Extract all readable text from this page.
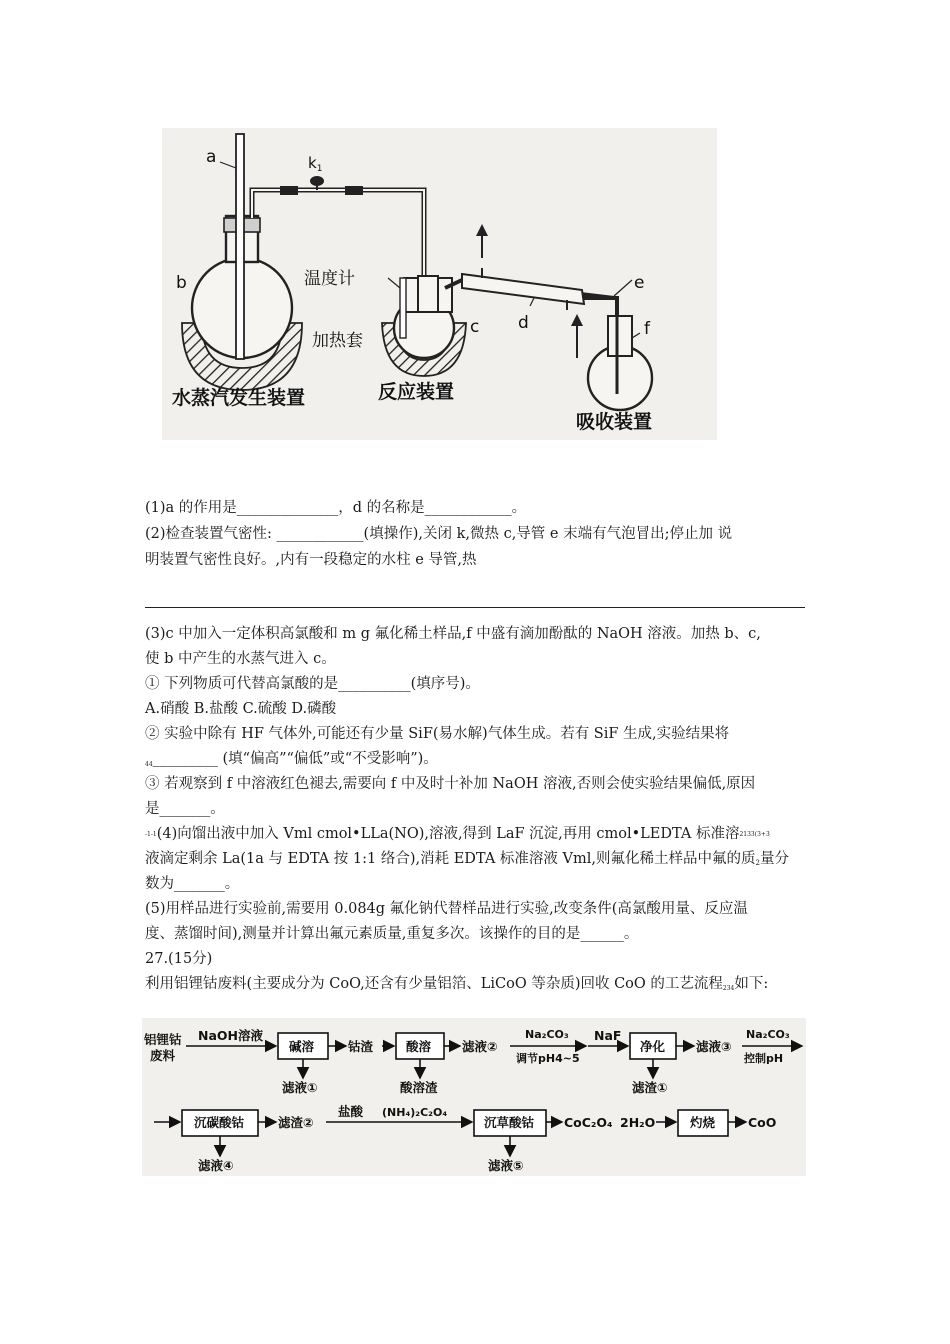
a	$k_1$
b	温度计
加热套
c d
e
f
水蒸汽发生装置	反应装置
吸收装置
(1)a 的作用是______________，d 的名称是____________。
(2)检查装置气密性: ____________(填操作),关闭 k,微热 c,导管 e 末端有气泡冒出;停止加 说
明装置气密性良好。,内有一段稳定的水柱 e 导管,热
(3)c 中加入一定体积高氯酸和 m g 氟化稀土样品,f 中盛有滴加酚酞的 NaOH 溶液。加热 b、c,
使 b 中产生的水蒸气进入 c。
① 下列物质可代替高氯酸的是__________(填序号)。
A.硝酸 B.盐酸 C.硫酸 D.磷酸
② 实验中除有 HF 气体外,可能还有少量 SiF(易水解)气体生成。若有 SiF 生成,实验结果将
$_{44}$_________ (填“偏高”“偏低”或“不受影响”)。
③ 若观察到 f 中溶液红色褪去,需要向 f 中及时十补加 NaOH 溶液,否则会使实验结果偏低,原因
是_______。
-1-1(4)向馏出液中加入 Vml cmol•LLa(NO),溶液,得到 LaF 沉淀,再用 cmol•LEDTA 标准溶2133(3+3
液滴定剩余 La(1a 与 EDTA 按 1:1 络合),消耗 EDTA 标准溶液 Vml,则氟化稀土样品中氟的质2量分
数为_______。
(5)用样品进行实验前,需要用 0.084g 氟化钠代替样品进行实验,改变条件(高氯酸用量、反应温
度、蒸馏时间),测量并计算出氟元素质量,重复多次。该操作的目的是______。
27.(15分)
利用铝锂钴废料(主要成分为 CoO,还含有少量铝箔、LiCoO 等杂质)回收 CoO 的工艺流程234如下:
铝锂钴
废料
NaOH溶液
碱溶	钴渣	酸溶 滤液②
Na₂CO₃
调节pH4~5
NaF
净化 滤液③
Na₂CO₃
控制pH
滤液①	酸溶渣	滤渣①
沉碳酸钴	滤渣②
盐酸 (NH₄)₂C₂O₄
沉草酸钴 CoC₂O₄ 2H₂O	灼烧	CoO
滤液④	滤液⑤
